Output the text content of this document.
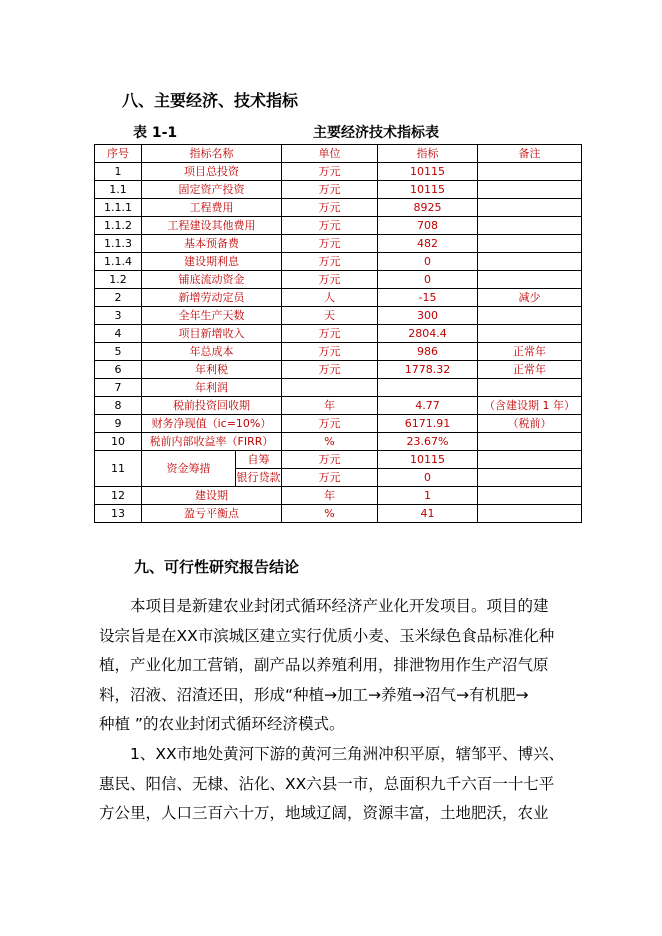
八、主要经济、技术指标
表 1-1	主要经济技术指标表
序号	指标名称		单位	指标	备注
1	项目总投资		万元	10115	
1.1	固定资产投资		万元	10115	
1.1.1	工程费用		万元	8925	
1.1.2	工程建设其他费用		万元	708	
1.1.3	基本预备费		万元	482	
1.1.4	建设期利息		万元	0	
1.2	铺底流动资金		万元	0	
2	新增劳动定员		人	-15	减少
3	全年生产天数		天	300	
4	项目新增收入		万元	2804.4	
5	年总成本		万元	986	正常年
6	年利税		万元	1778.32	正常年
7	年利润				
8	税前投资回收期		年	4.77	（含建设期 1 年）
9	财务净现值（ic=10%）		万元	6171.91	（税前）
10	税前内部收益率（FIRR）		%	23.67%	
11	资金筹措	自筹	万元	10115	
		银行贷款	万元	0	
12	建设期		年	1	
13	盈亏平衡点		%	41	
九、可行性研究报告结论
　　本项目是新建农业封闭式循环经济产业化开发项目。项目的建
设宗旨是在XX市滨城区建立实行优质小麦、玉米绿色食品标准化种
植，产业化加工营销，副产品以养殖利用，排泄物用作生产沼气原
料，沼液、沼渣还田，形成“种植→加工→养殖→沼气→有机肥→
种植 ”的农业封闭式循环经济模式。
　　1、XX市地处黄河下游的黄河三角洲冲积平原，辖邹平、博兴、
惠民、阳信、无棣、沾化、XX六县一市，总面积九千六百一十七平
方公里，人口三百六十万，地域辽阔，资源丰富，土地肥沃，农业
